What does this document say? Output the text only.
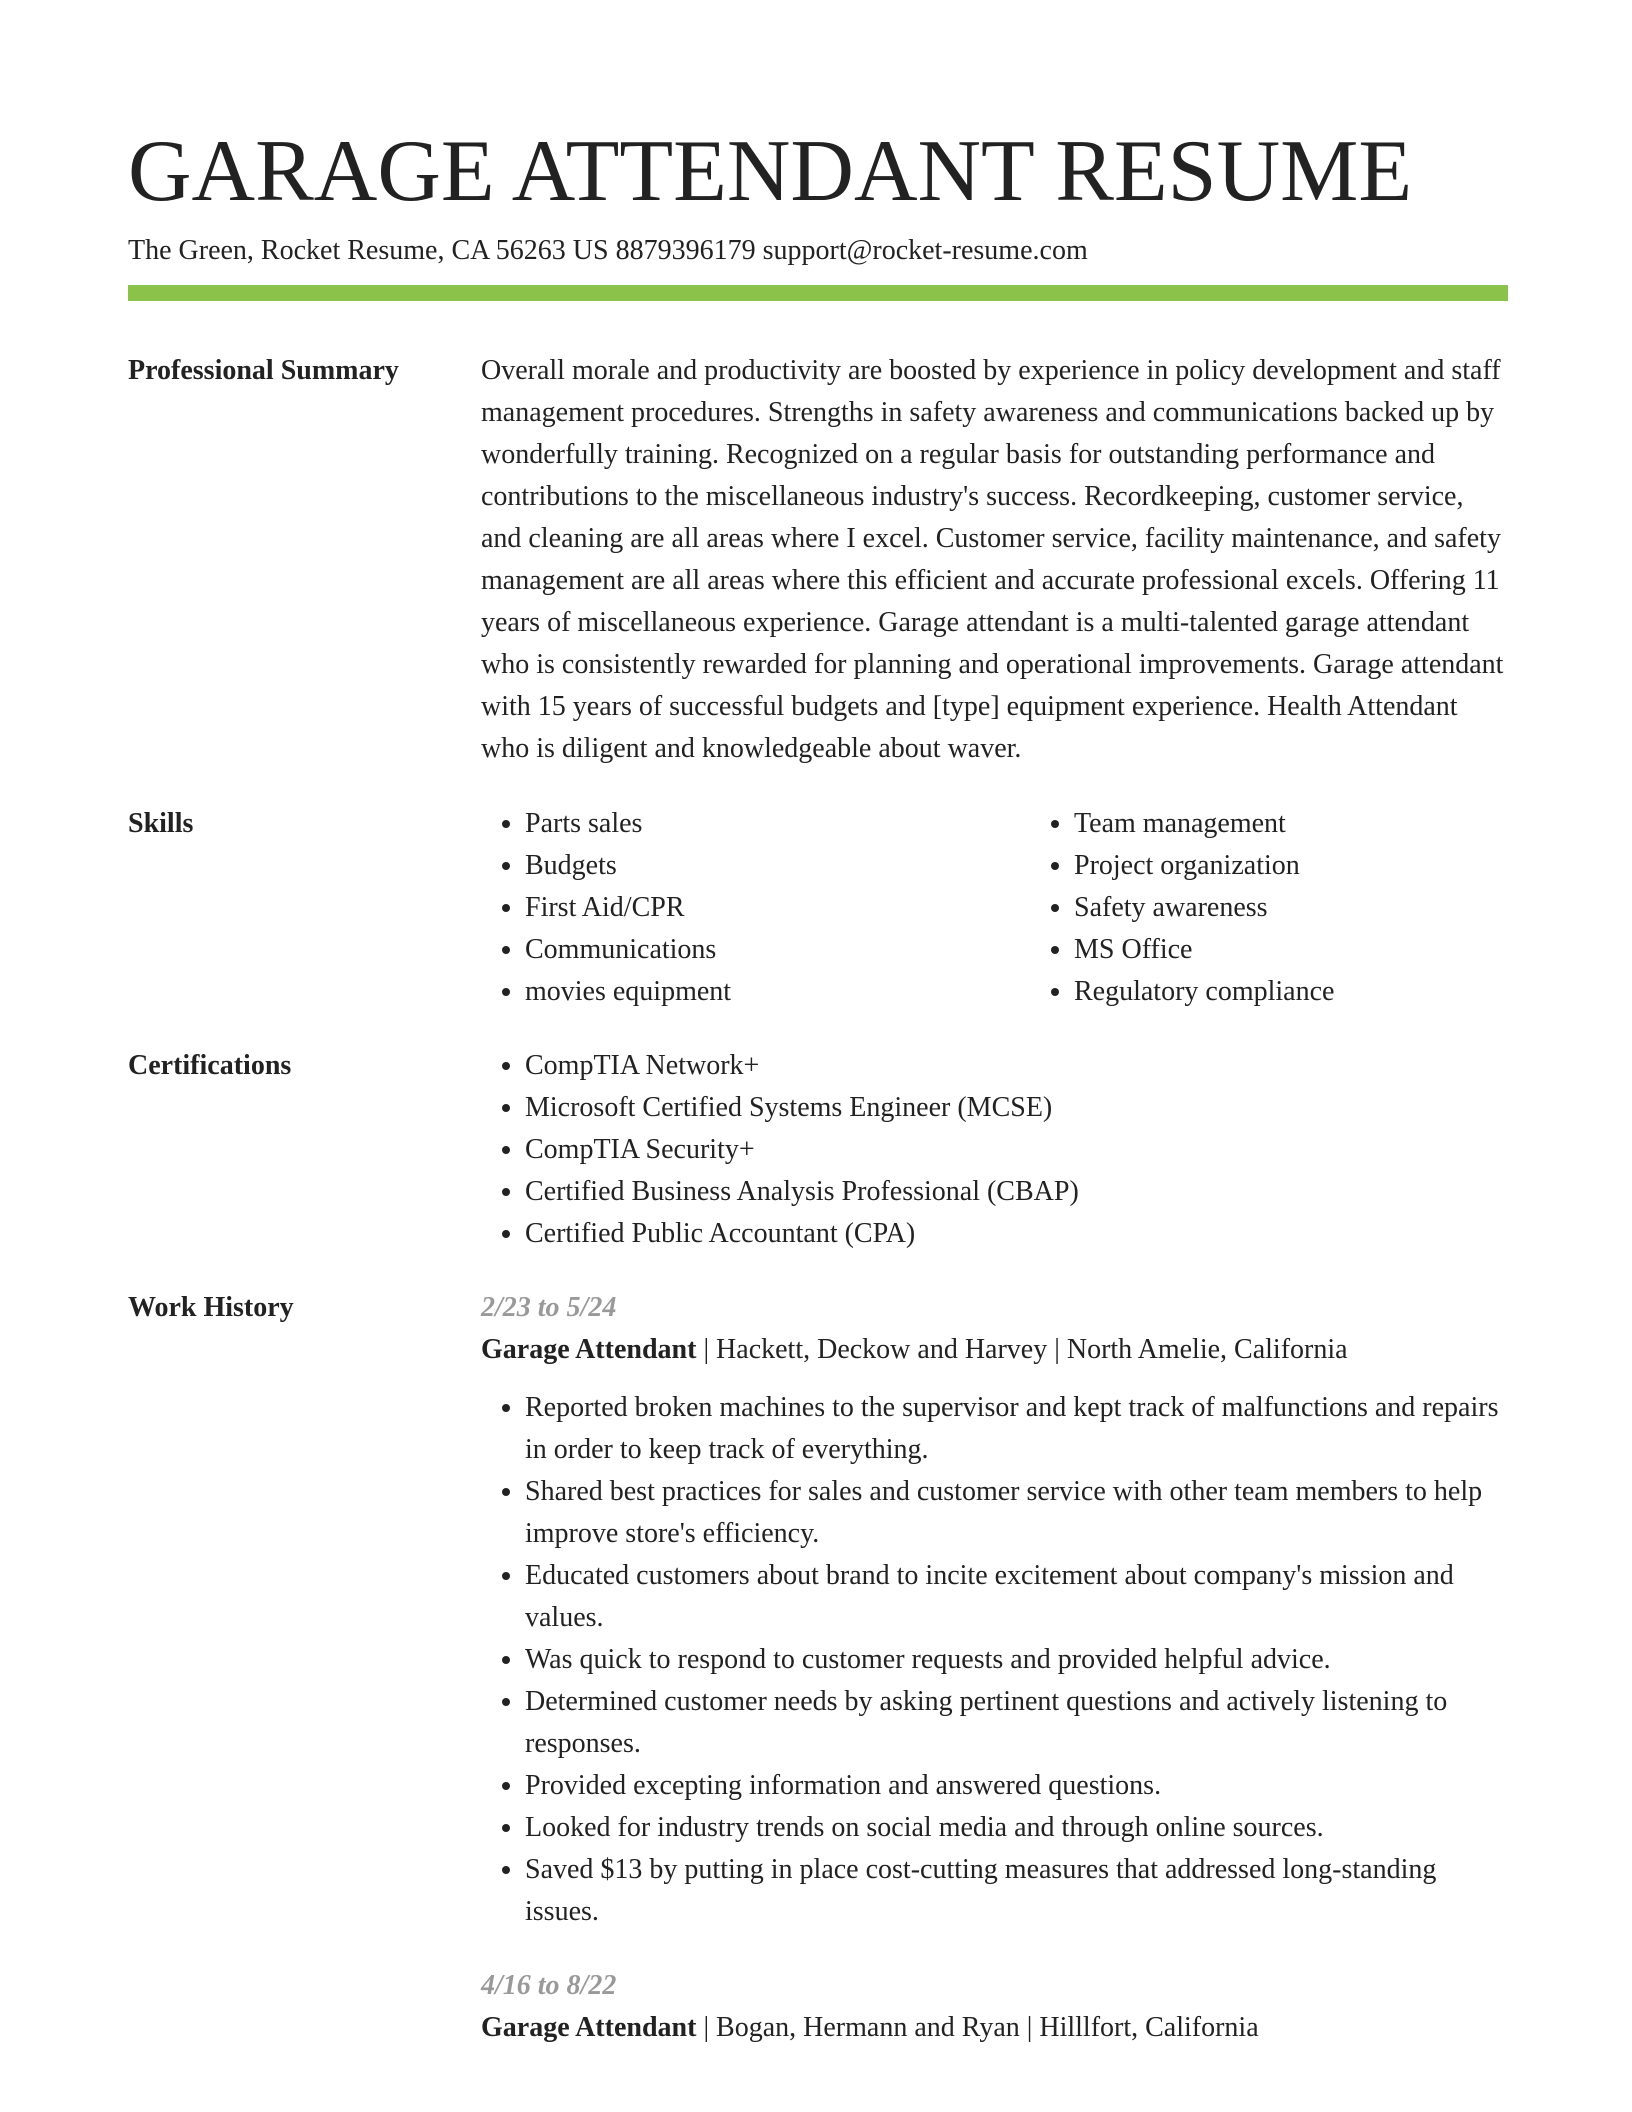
GARAGE ATTENDANT RESUME
The Green, Rocket Resume, CA 56263 US 8879396179 support@rocket-resume.com
Professional Summary	Overall morale and productivity are boosted by experience in policy development and staff management procedures. Strengths in safety awareness and communications backed up by wonderfully training. Recognized on a regular basis for outstanding performance and contributions to the miscellaneous industry's success. Recordkeeping, customer service, and cleaning are all areas where I excel. Customer service, facility maintenance, and safety management are all areas where this efficient and accurate professional excels. Offering 11 years of miscellaneous experience. Garage attendant is a multi-talented garage attendant who is consistently rewarded for planning and operational improvements. Garage attendant with 15 years of successful budgets and [type] equipment experience. Health Attendant who is diligent and knowledgeable about waver.
Skills	• Parts sales
• Budgets
• First Aid/CPR
• Communications
• movies equipment
• Team management
• Project organization
• Safety awareness
• MS Office
• Regulatory compliance
Certifications	• CompTIA Network+
• Microsoft Certified Systems Engineer (MCSE)
• CompTIA Security+
• Certified Business Analysis Professional (CBAP)
• Certified Public Accountant (CPA)
Work History	2/23 to 5/24
Garage Attendant | Hackett, Deckow and Harvey | North Amelie, California
• Reported broken machines to the supervisor and kept track of malfunctions and repairs in order to keep track of everything.
• Shared best practices for sales and customer service with other team members to help improve store's efficiency.
• Educated customers about brand to incite excitement about company's mission and values.
• Was quick to respond to customer requests and provided helpful advice.
• Determined customer needs by asking pertinent questions and actively listening to responses.
• Provided excepting information and answered questions.
• Looked for industry trends on social media and through online sources.
• Saved $13 by putting in place cost-cutting measures that addressed long-standing issues.
4/16 to 8/22
Garage Attendant | Bogan, Hermann and Ryan | Hilllfort, California
